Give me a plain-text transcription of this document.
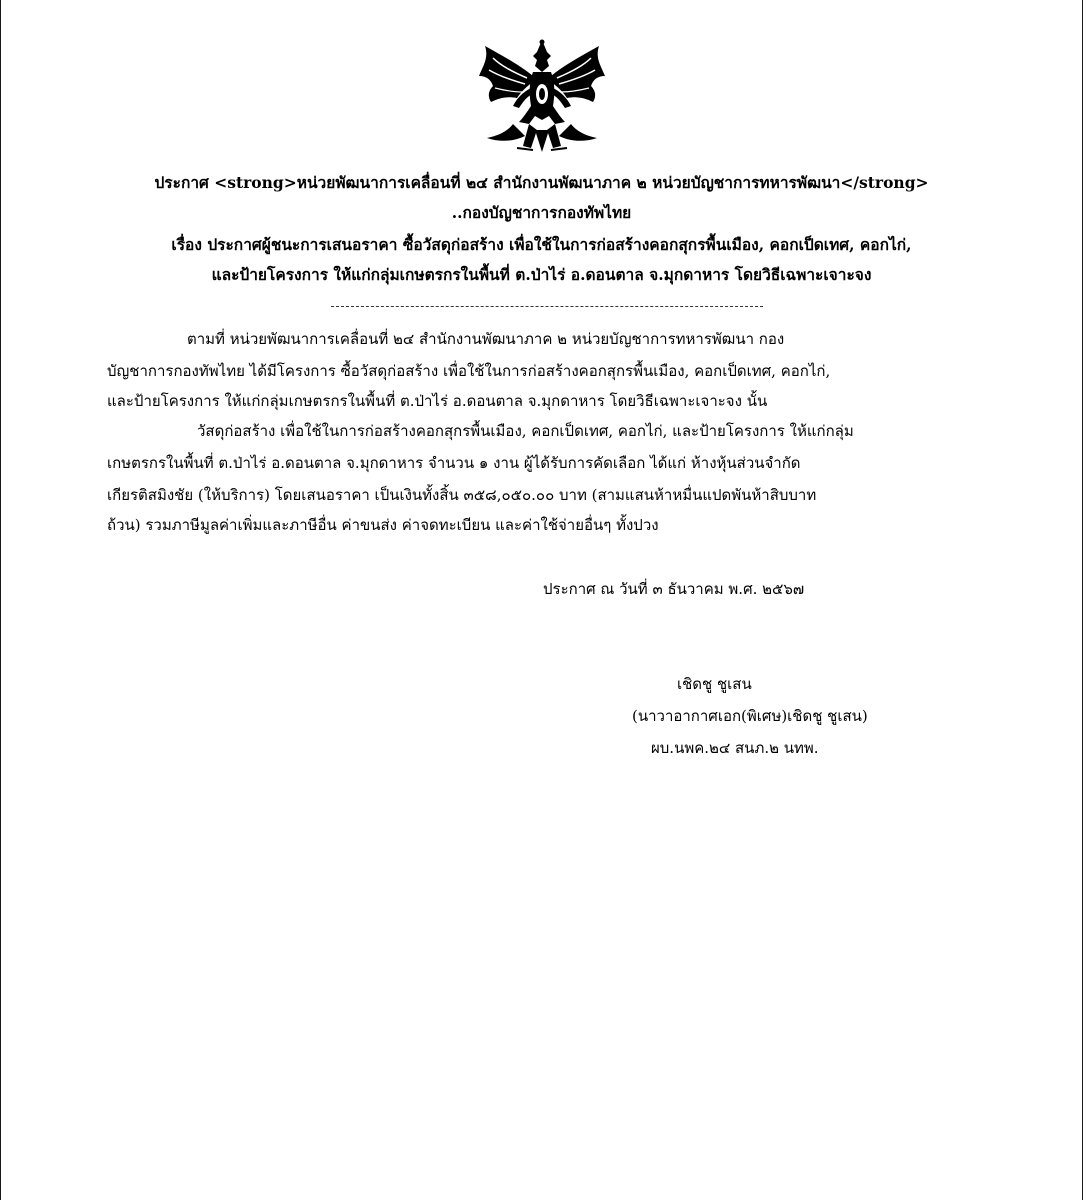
ประกาศ <strong>หน่วยพัฒนาการเคลื่อนที่ ๒๔ สำนักงานพัฒนาภาค ๒ หน่วยบัญชาการทหารพัฒนา</strong>
..กองบัญชาการกองทัพไทย
เรื่อง ประกาศผู้ชนะการเสนอราคา ซื้อวัสดุก่อสร้าง เพื่อใช้ในการก่อสร้างคอกสุกรพื้นเมือง, คอกเป็ดเทศ, คอกไก่,
และป้ายโครงการ ให้แก่กลุ่มเกษตรกรในพื้นที่ ต.ป่าไร่ อ.ดอนตาล จ.มุกดาหาร โดยวิธีเฉพาะเจาะจง
ตามที่ หน่วยพัฒนาการเคลื่อนที่ ๒๔ สำนักงานพัฒนาภาค ๒ หน่วยบัญชาการทหารพัฒนา กอง
บัญชาการกองทัพไทย ได้มีโครงการ ซื้อวัสดุก่อสร้าง เพื่อใช้ในการก่อสร้างคอกสุกรพื้นเมือง, คอกเป็ดเทศ, คอกไก่,
และป้ายโครงการ ให้แก่กลุ่มเกษตรกรในพื้นที่ ต.ป่าไร่ อ.ดอนตาล จ.มุกดาหาร โดยวิธีเฉพาะเจาะจง นั้น
วัสดุก่อสร้าง เพื่อใช้ในการก่อสร้างคอกสุกรพื้นเมือง, คอกเป็ดเทศ, คอกไก่, และป้ายโครงการ ให้แก่กลุ่ม
เกษตรกรในพื้นที่ ต.ป่าไร่ อ.ดอนตาล จ.มุกดาหาร จำนวน ๑ งาน ผู้ได้รับการคัดเลือก ได้แก่ ห้างหุ้นส่วนจำกัด
เกียรติสมิงชัย (ให้บริการ) โดยเสนอราคา เป็นเงินทั้งสิ้น ๓๕๘,๐๕๐.๐๐ บาท (สามแสนห้าหมื่นแปดพันห้าสิบบาท
ถ้วน) รวมภาษีมูลค่าเพิ่มและภาษีอื่น ค่าขนส่ง ค่าจดทะเบียน และค่าใช้จ่ายอื่นๆ ทั้งปวง
ประกาศ ณ วันที่ ๓ ธันวาคม พ.ศ. ๒๕๖๗
เชิดชู ชูเสน
(นาวาอากาศเอก(พิเศษ)เชิดชู ชูเสน)
ผบ.นพค.๒๔ สนภ.๒ นทพ.
